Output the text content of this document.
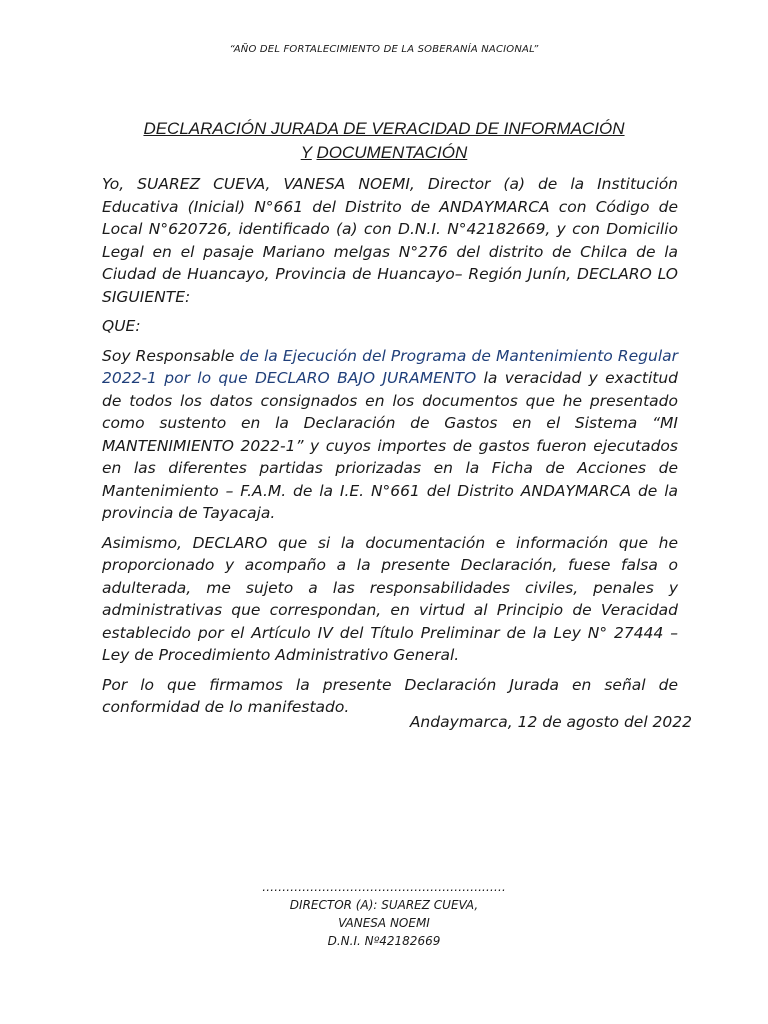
“AÑO DEL FORTALECIMIENTO DE LA SOBERANÍA NACIONAL”
DECLARACIÓN JURADA DE VERACIDAD DE INFORMACIÓN
Y DOCUMENTACIÓN

Yo, SUAREZ CUEVA, VANESA NOEMI, Director (a) de la Institución Educativa (Inicial) N°661 del Distrito de ANDAYMARCA con Código de Local N°620726, identificado (a) con D.N.I. N°42182669, y con Domicilio Legal en el pasaje Mariano melgas N°276 del distrito de Chilca de la Ciudad de Huancayo, Provincia de Huancayo– Región Junín, DECLARO LO SIGUIENTE:

QUE:

Soy Responsable de la Ejecución del Programa de Mantenimiento Regular 2022-1 por lo que DECLARO BAJO JURAMENTO la veracidad y exactitud de todos los datos consignados en los documentos que he presentado como sustento en la Declaración de Gastos en el Sistema “MI MANTENIMIENTO 2022-1” y cuyos importes de gastos fueron ejecutados en las diferentes partidas priorizadas en la Ficha de Acciones de Mantenimiento – F.A.M. de la I.E. N°661 del Distrito ANDAYMARCA de la provincia de Tayacaja.

Asimismo, DECLARO que si la documentación e información que he proporcionado y acompaño a la presente Declaración, fuese falsa o adulterada, me sujeto a las responsabilidades civiles, penales y administrativas que correspondan, en virtud al Principio de Veracidad establecido por el Artículo IV del Título Preliminar de la Ley N° 27444 – Ley de Procedimiento Administrativo General.

Por lo que firmamos la presente Declaración Jurada en señal de conformidad de lo manifestado.

Andaymarca, 12 de agosto del 2022
……………………………………………….……
DIRECTOR (A): SUAREZ CUEVA,
VANESA NOEMI
D.N.I. Nº42182669
